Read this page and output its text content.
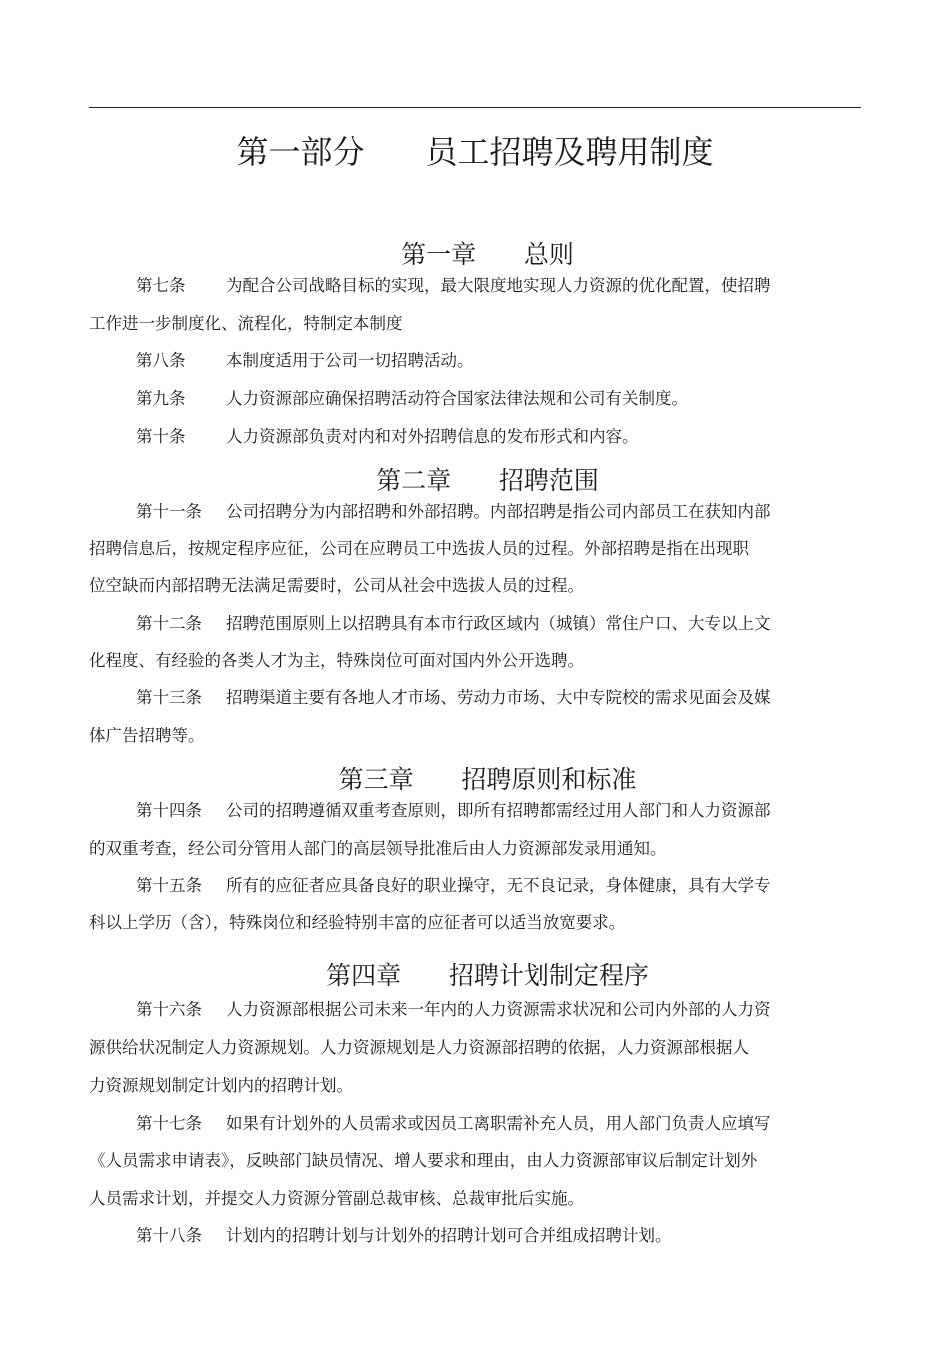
第一部分      员工招聘及聘用制度
第一章      总则
第七条 为配合公司战略目标的实现，最大限度地实现人力资源的优化配置，使招聘
工作进一步制度化、流程化，特制定本制度
第八条 本制度适用于公司一切招聘活动。
第九条 人力资源部应确保招聘活动符合国家法律法规和公司有关制度。
第十条 人力资源部负责对内和对外招聘信息的发布形式和内容。
第二章      招聘范围
第十一条 公司招聘分为内部招聘和外部招聘。内部招聘是指公司内部员工在获知内部
招聘信息后，按规定程序应征，公司在应聘员工中选拔人员的过程。外部招聘是指在出现职
位空缺而内部招聘无法满足需要时，公司从社会中选拔人员的过程。
第十二条 招聘范围原则上以招聘具有本市行政区域内（城镇）常住户口、大专以上文
化程度、有经验的各类人才为主，特殊岗位可面对国内外公开选聘。
第十三条 招聘渠道主要有各地人才市场、劳动力市场、大中专院校的需求见面会及媒
体广告招聘等。
第三章      招聘原则和标准
第十四条 公司的招聘遵循双重考查原则，即所有招聘都需经过用人部门和人力资源部
的双重考查，经公司分管用人部门的高层领导批准后由人力资源部发录用通知。
第十五条 所有的应征者应具备良好的职业操守，无不良记录，身体健康，具有大学专
科以上学历（含），特殊岗位和经验特别丰富的应征者可以适当放宽要求。
第四章      招聘计划制定程序
第十六条 人力资源部根据公司未来一年内的人力资源需求状况和公司内外部的人力资
源供给状况制定人力资源规划。人力资源规划是人力资源部招聘的依据，人力资源部根据人
力资源规划制定计划内的招聘计划。
第十七条 如果有计划外的人员需求或因员工离职需补充人员，用人部门负责人应填写
《人员需求申请表》，反映部门缺员情况、增人要求和理由，由人力资源部审议后制定计划外
人员需求计划，并提交人力资源分管副总裁审核、总裁审批后实施。
第十八条 计划内的招聘计划与计划外的招聘计划可合并组成招聘计划。
